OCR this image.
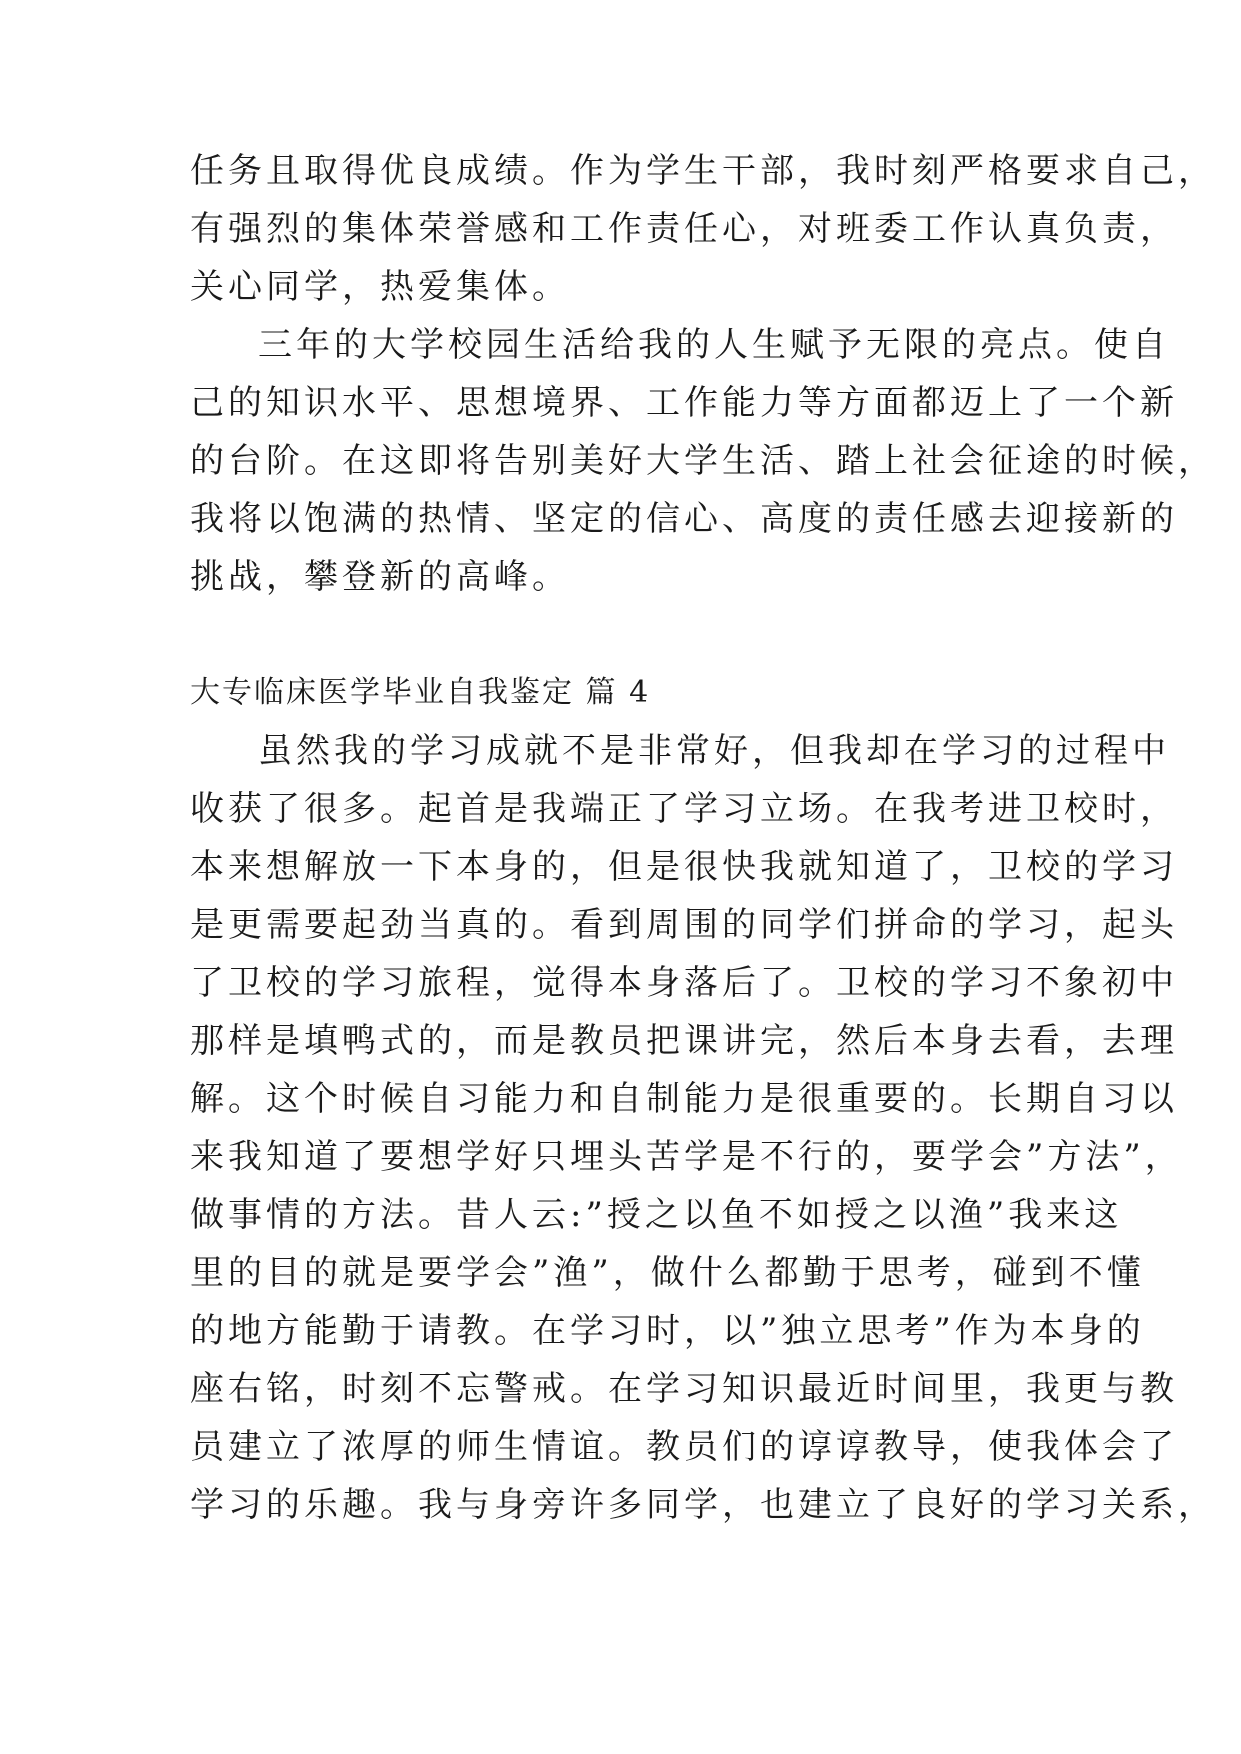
任务且取得优良成绩。作为学生干部，我时刻严格要求自己，
有强烈的集体荣誉感和工作责任心，对班委工作认真负责，
关心同学，热爱集体。
三年的大学校园生活给我的人生赋予无限的亮点。使自
己的知识水平、思想境界、工作能力等方面都迈上了一个新
的台阶。在这即将告别美好大学生活、踏上社会征途的时候，
我将以饱满的热情、坚定的信心、高度的责任感去迎接新的
挑战，攀登新的高峰。
大专临床医学毕业自我鉴定 篇 4
虽然我的学习成就不是非常好，但我却在学习的过程中
收获了很多。起首是我端正了学习立场。在我考进卫校时，
本来想解放一下本身的，但是很快我就知道了，卫校的学习
是更需要起劲当真的。看到周围的同学们拼命的学习，起头
了卫校的学习旅程，觉得本身落后了。卫校的学习不象初中
那样是填鸭式的，而是教员把课讲完，然后本身去看，去理
解。这个时候自习能力和自制能力是很重要的。长期自习以
来我知道了要想学好只埋头苦学是不行的，要学会”方法”，
做事情的方法。昔人云:”授之以鱼不如授之以渔”我来这
里的目的就是要学会”渔”，做什么都勤于思考，碰到不懂
的地方能勤于请教。在学习时，以”独立思考”作为本身的
座右铭，时刻不忘警戒。在学习知识最近时间里，我更与教
员建立了浓厚的师生情谊。教员们的谆谆教导，使我体会了
学习的乐趣。我与身旁许多同学，也建立了良好的学习关系，
